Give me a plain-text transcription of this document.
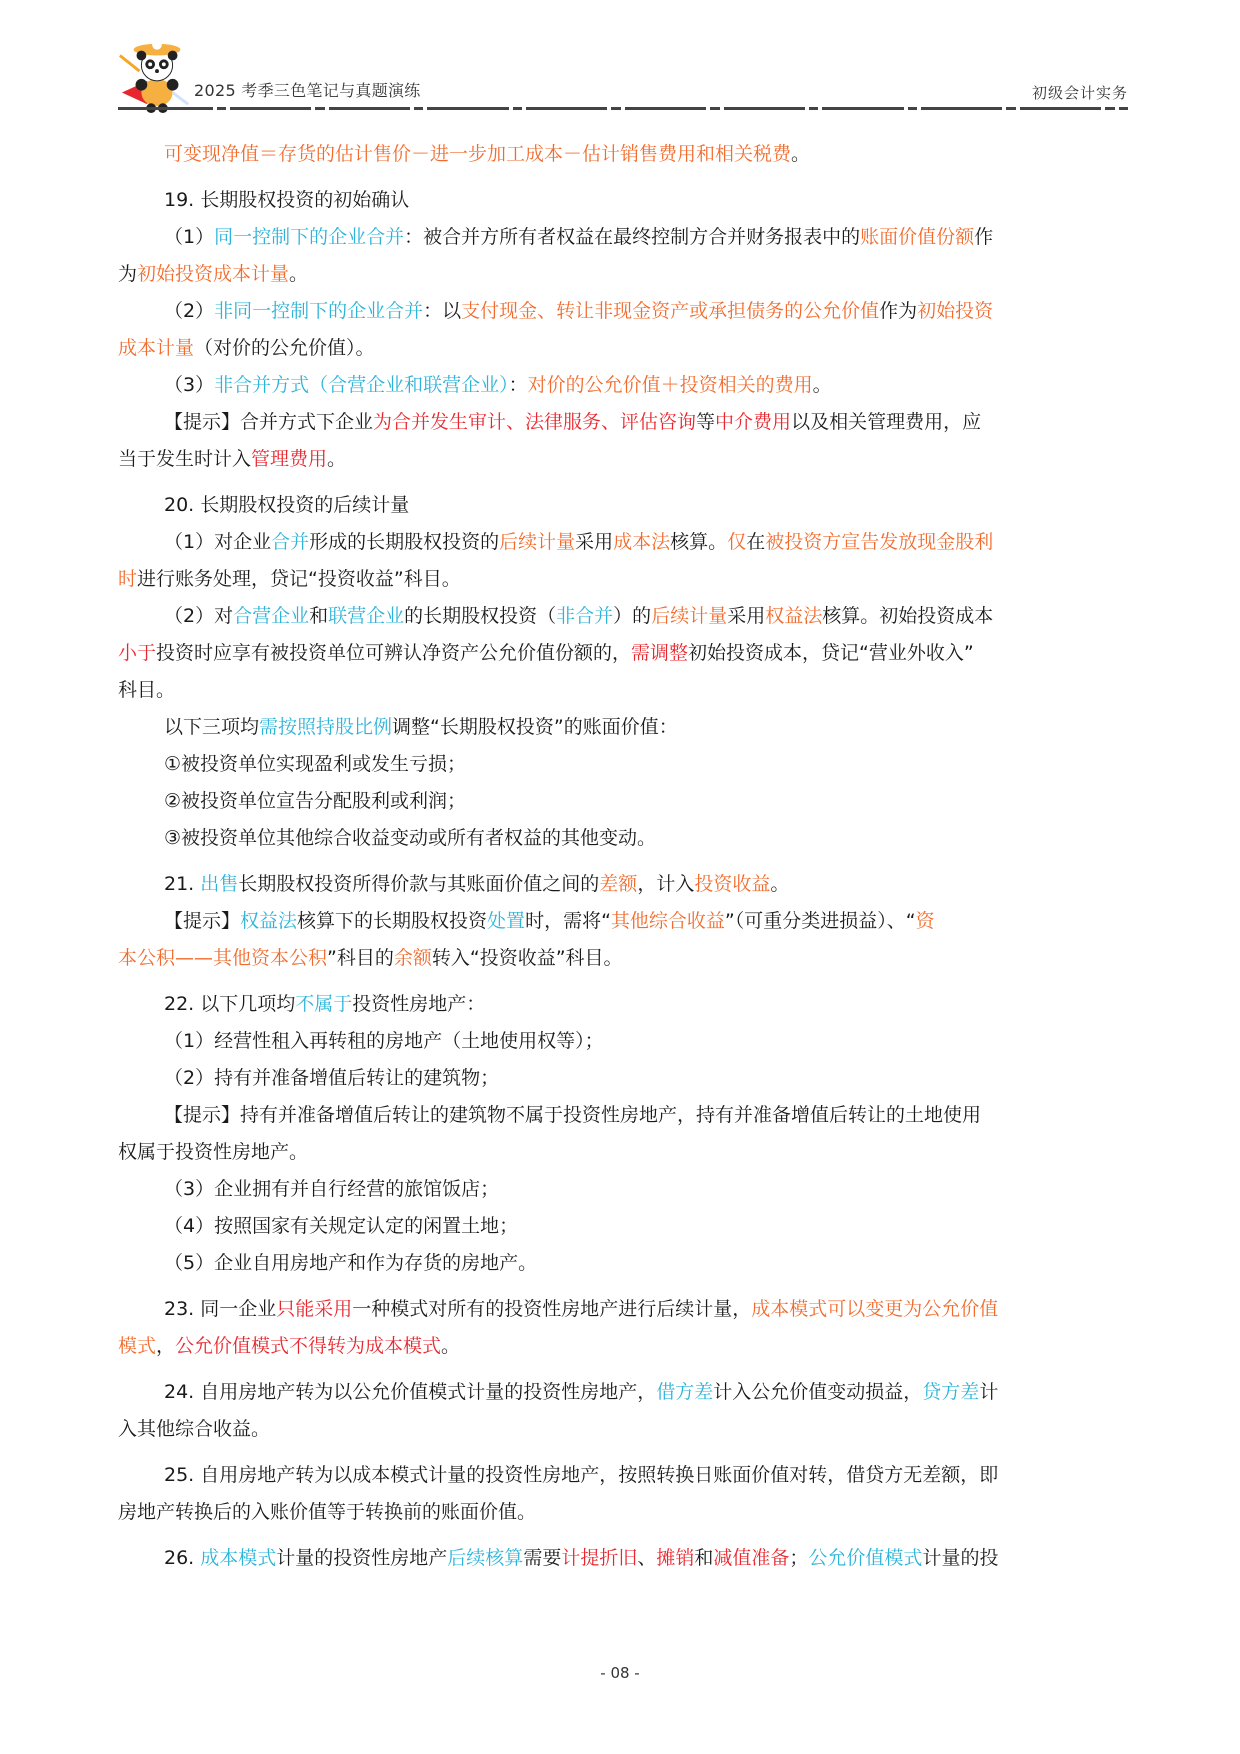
2025 考季三色笔记与真题演练	初级会计实务
可变现净值＝存货的估计售价－进一步加工成本－估计销售费用和相关税费。
19. 长期股权投资的初始确认
（1）同一控制下的企业合并：被合并方所有者权益在最终控制方合并财务报表中的账面价值份额作
为初始投资成本计量。
（2）非同一控制下的企业合并：以支付现金、转让非现金资产或承担债务的公允价值作为初始投资
成本计量（对价的公允价值）。
（3）非合并方式（合营企业和联营企业）：对价的公允价值＋投资相关的费用。
【提示】合并方式下企业为合并发生审计、法律服务、评估咨询等中介费用以及相关管理费用，应
当于发生时计入管理费用。
20. 长期股权投资的后续计量
（1）对企业合并形成的长期股权投资的后续计量采用成本法核算。仅在被投资方宣告发放现金股利
时进行账务处理，贷记“投资收益”科目。
（2）对合营企业和联营企业的长期股权投资（非合并）的后续计量采用权益法核算。初始投资成本
小于投资时应享有被投资单位可辨认净资产公允价值份额的，需调整初始投资成本，贷记“营业外收入”
科目。
以下三项均需按照持股比例调整“长期股权投资”的账面价值：
①被投资单位实现盈利或发生亏损；
②被投资单位宣告分配股利或利润；
③被投资单位其他综合收益变动或所有者权益的其他变动。
21. 出售长期股权投资所得价款与其账面价值之间的差额，计入投资收益。
【提示】权益法核算下的长期股权投资处置时，需将“其他综合收益”（可重分类进损益）、“资
本公积——其他资本公积”科目的余额转入“投资收益”科目。
22. 以下几项均不属于投资性房地产：
（1）经营性租入再转租的房地产（土地使用权等）；
（2）持有并准备增值后转让的建筑物；
【提示】持有并准备增值后转让的建筑物不属于投资性房地产，持有并准备增值后转让的土地使用
权属于投资性房地产。
（3）企业拥有并自行经营的旅馆饭店；
（4）按照国家有关规定认定的闲置土地；
（5）企业自用房地产和作为存货的房地产。
23. 同一企业只能采用一种模式对所有的投资性房地产进行后续计量，成本模式可以变更为公允价值
模式，公允价值模式不得转为成本模式。
24. 自用房地产转为以公允价值模式计量的投资性房地产，借方差计入公允价值变动损益，贷方差计
入其他综合收益。
25. 自用房地产转为以成本模式计量的投资性房地产，按照转换日账面价值对转，借贷方无差额，即
房地产转换后的入账价值等于转换前的账面价值。
26. 成本模式计量的投资性房地产后续核算需要计提折旧、摊销和减值准备；公允价值模式计量的投
- 08 -
